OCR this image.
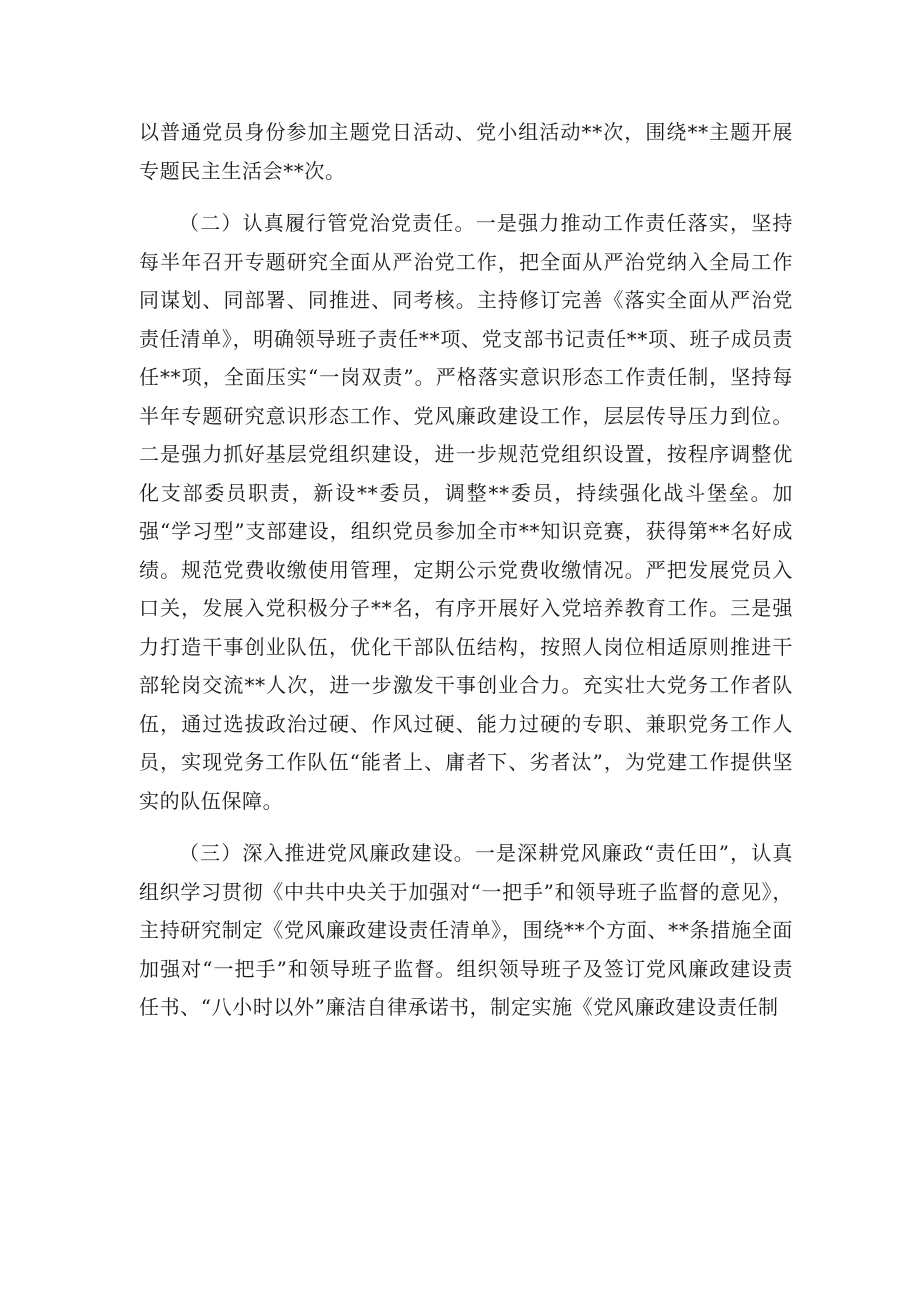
以普通党员身份参加主题党日活动、党小组活动**次，围绕**主题开展专题民主生活会**次。

（二）认真履行管党治党责任。一是强力推动工作责任落实，坚持每半年召开专题研究全面从严治党工作，把全面从严治党纳入全局工作同谋划、同部署、同推进、同考核。主持修订完善《落实全面从严治党责任清单》，明确领导班子责任**项、党支部书记责任**项、班子成员责任**项，全面压实“一岗双责”。严格落实意识形态工作责任制，坚持每半年专题研究意识形态工作、党风廉政建设工作，层层传导压力到位。二是强力抓好基层党组织建设，进一步规范党组织设置，按程序调整优化支部委员职责，新设**委员，调整**委员，持续强化战斗堡垒。加强“学习型”支部建设，组织党员参加全市**知识竞赛，获得第**名好成绩。规范党费收缴使用管理，定期公示党费收缴情况。严把发展党员入口关，发展入党积极分子**名，有序开展好入党培养教育工作。三是强力打造干事创业队伍，优化干部队伍结构，按照人岗位相适原则推进干部轮岗交流**人次，进一步激发干事创业合力。充实壮大党务工作者队伍，通过选拔政治过硬、作风过硬、能力过硬的专职、兼职党务工作人员，实现党务工作队伍“能者上、庸者下、劣者汰”，为党建工作提供坚实的队伍保障。

（三）深入推进党风廉政建设。一是深耕党风廉政“责任田”，认真组织学习贯彻《中共中央关于加强对“一把手”和领导班子监督的意见》，主持研究制定《党风廉政建设责任清单》，围绕**个方面、**条措施全面加强对“一把手”和领导班子监督。组织领导班子及签订党风廉政建设责任书、“八小时以外”廉洁自律承诺书，制定实施《党风廉政建设责任制
